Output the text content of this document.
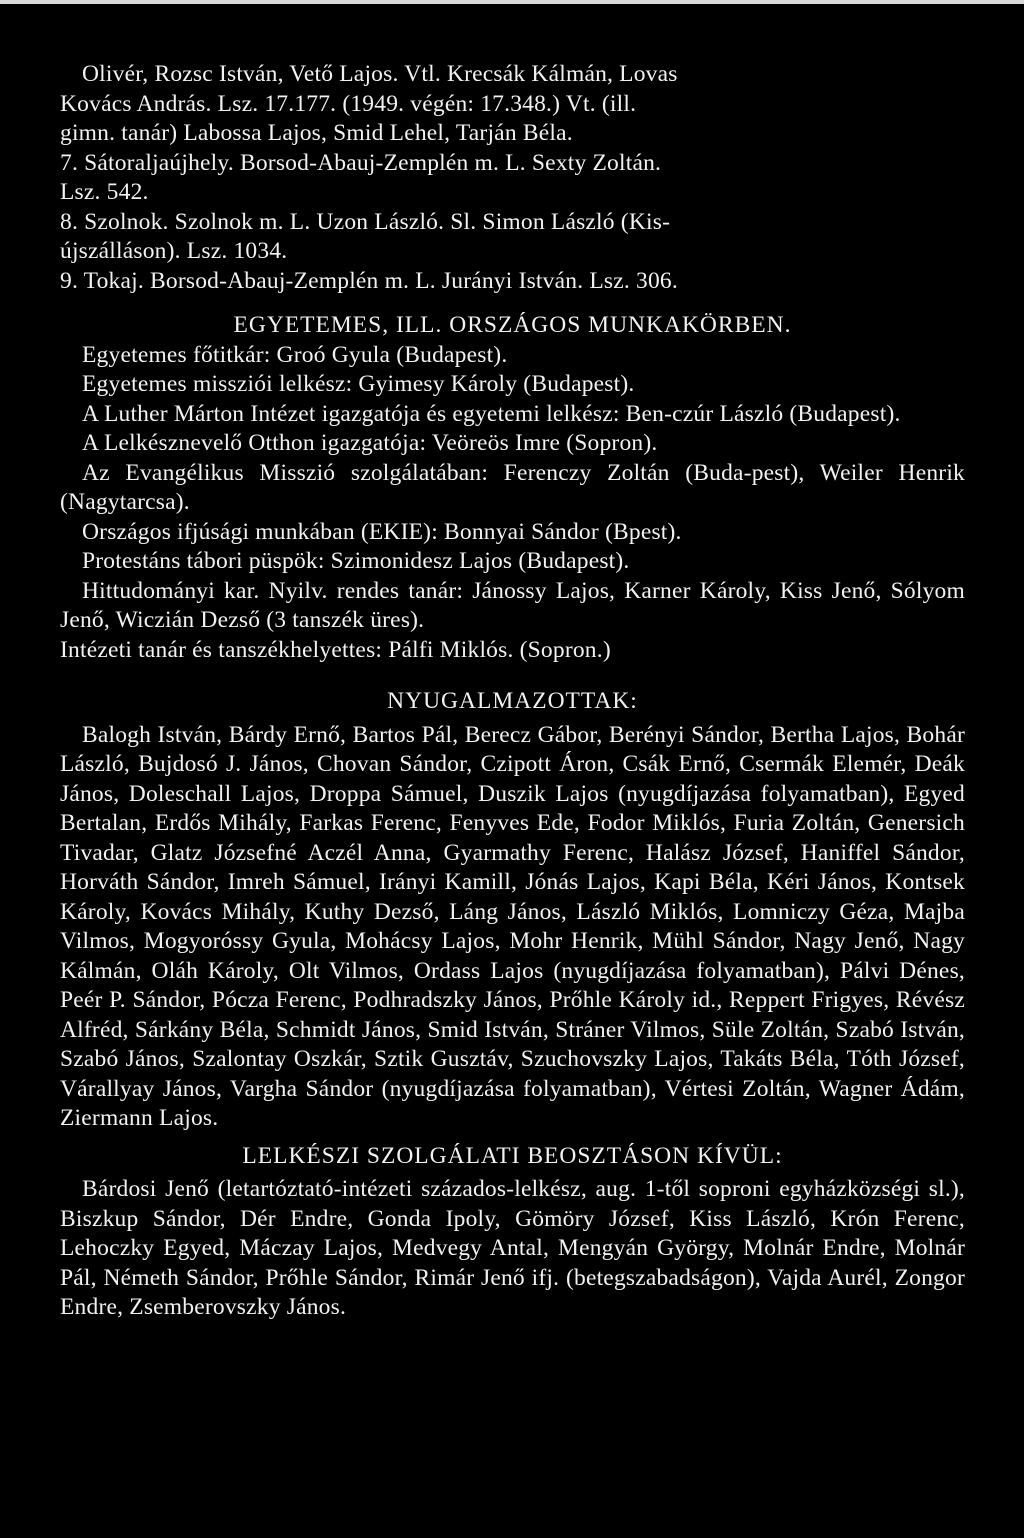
Olivér, Rozsc István, Vető Lajos. Vtl. Krecsák Kálmán, Lovas

Kovács András. Lsz. 17.177. (1949. végén: 17.348.) Vt. (ill.

gimn. tanár) Labossa Lajos, Smid Lehel, Tarján Béla.

7. Sátoraljaújhely. Borsod-Abauj-Zemplén m. L. Sexty Zoltán.

Lsz. 542.

8. Szolnok. Szolnok m. L. Uzon László. Sl. Simon László (Kis-

újszálláson). Lsz. 1034.

9. Tokaj. Borsod-Abauj-Zemplén m. L. Jurányi István. Lsz. 306.

EGYETEMES, ILL. ORSZÁGOS MUNKAKÖRBEN.

Egyetemes főtitkár: Groó Gyula (Budapest).

Egyetemes missziói lelkész: Gyimesy Károly (Budapest).

A Luther Márton Intézet igazgatója és egyetemi lelkész: Ben-czúr László (Budapest).

A Lelkésznevelő Otthon igazgatója: Veöreös Imre (Sopron).

Az Evangélikus Misszió szolgálatában: Ferenczy Zoltán (Buda-pest), Weiler Henrik (Nagytarcsa).

Országos ifjúsági munkában (EKIE): Bonnyai Sándor (Bpest).

Protestáns tábori püspök: Szimonidesz Lajos (Budapest).

Hittudományi kar. Nyilv. rendes tanár: Jánossy Lajos, Karner Károly, Kiss Jenő, Sólyom Jenő, Wiczián Dezső (3 tanszék üres).

Intézeti tanár és tanszékhelyettes: Pálfi Miklós. (Sopron.)

NYUGALMAZOTTAK:

Balogh István, Bárdy Ernő, Bartos Pál, Berecz Gábor, Berényi Sándor, Bertha Lajos, Bohár László, Bujdosó J. János, Chovan Sándor, Czipott Áron, Csák Ernő, Csermák Elemér, Deák János, Doleschall Lajos, Droppa Sámuel, Duszik Lajos (nyugdíjazása folyamatban), Egyed Bertalan, Erdős Mihály, Farkas Ferenc, Fenyves Ede, Fodor Miklós, Furia Zoltán, Genersich Tivadar, Glatz Józsefné Aczél Anna, Gyarmathy Ferenc, Halász József, Haniffel Sándor, Horváth Sándor, Imreh Sámuel, Irányi Kamill, Jónás Lajos, Kapi Béla, Kéri János, Kontsek Károly, Kovács Mihály, Kuthy Dezső, Láng János, László Miklós, Lomniczy Géza, Majba Vilmos, Mogyoróssy Gyula, Mohácsy Lajos, Mohr Henrik, Mühl Sándor, Nagy Jenő, Nagy Kálmán, Oláh Károly, Olt Vilmos, Ordass Lajos (nyugdíjazása folyamatban), Pálvi Dénes, Peér P. Sándor, Pócza Ferenc, Podhradszky János, Prőhle Károly id., Reppert Frigyes, Révész Alfréd, Sárkány Béla, Schmidt János, Smid István, Stráner Vilmos, Süle Zoltán, Szabó István, Szabó János, Szalontay Oszkár, Sztik Gusztáv, Szuchovszky Lajos, Takáts Béla, Tóth József, Várallyay János, Vargha Sándor (nyugdíjazása folyamatban), Vértesi Zoltán, Wagner Ádám, Ziermann Lajos.

LELKÉSZI SZOLGÁLATI BEOSZTÁSON KÍVÜL:

Bárdosi Jenő (letartóztató-intézeti százados-lelkész, aug. 1-től soproni egyházközségi sl.), Biszkup Sándor, Dér Endre, Gonda Ipoly, Gömöry József, Kiss László, Krón Ferenc, Lehoczky Egyed, Máczay Lajos, Medvegy Antal, Mengyán György, Molnár Endre, Molnár Pál, Németh Sándor, Prőhle Sándor, Rimár Jenő ifj. (betegszabadságon), Vajda Aurél, Zongor Endre, Zsemberovszky János.
